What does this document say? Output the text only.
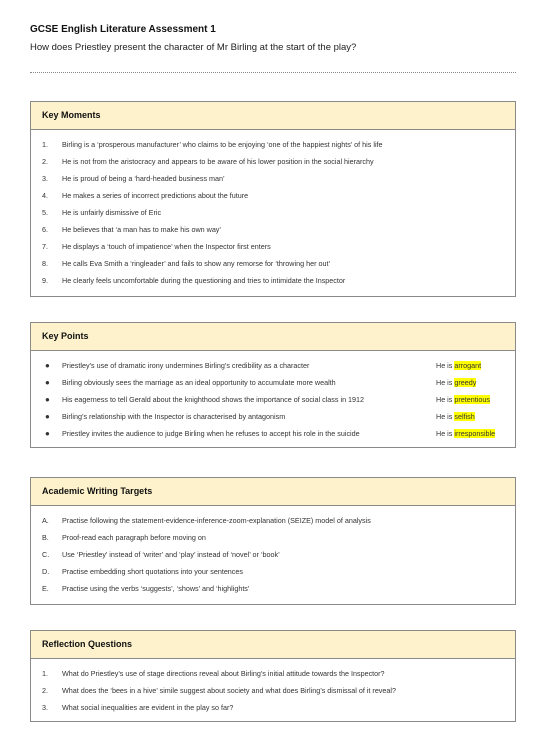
GCSE English Literature Assessment 1
How does Priestley present the character of Mr Birling at the start of the play?
Key Moments
1.	Birling is a ‘prosperous manufacturer’ who claims to be enjoying ‘one of the happiest nights’ of his life
2.	He is not from the aristocracy and appears to be aware of his lower position in the social hierarchy
3.	He is proud of being a ‘hard-headed business man’
4.	He makes a series of incorrect predictions about the future
5.	He is unfairly dismissive of Eric
6.	He believes that ‘a man has to make his own way’
7.	He displays a ‘touch of impatience’ when the Inspector first enters
8.	He calls Eva Smith a ‘ringleader’ and fails to show any remorse for ‘throwing her out’
9.	He clearly feels uncomfortable during the questioning and tries to intimidate the Inspector
Key Points
● Priestley’s use of dramatic irony undermines Birling’s credibility as a character	He is arrogant
● Birling obviously sees the marriage as an ideal opportunity to accumulate more wealth	He is greedy
● His eagerness to tell Gerald about the knighthood shows the importance of social class in 1912	He is pretentious
● Birling’s relationship with the Inspector is characterised by antagonism	He is selfish
● Priestley invites the audience to judge Birling when he refuses to accept his role in the suicide	He is irresponsible
Academic Writing Targets
A.	Practise following the statement-evidence-inference-zoom-explanation (SEIZE) model of analysis
B.	Proof-read each paragraph before moving on
C.	Use ‘Priestley’ instead of ‘writer’ and ‘play’ instead of ‘novel’ or ‘book’
D.	Practise embedding short quotations into your sentences
E.	Practise using the verbs ‘suggests’, ‘shows’ and ‘highlights’
Reflection Questions
1.	What do Priestley’s use of stage directions reveal about Birling’s initial attitude towards the Inspector?
2.	What does the ‘bees in a hive’ simile suggest about society and what does Birling’s dismissal of it reveal?
3.	What social inequalities are evident in the play so far?
